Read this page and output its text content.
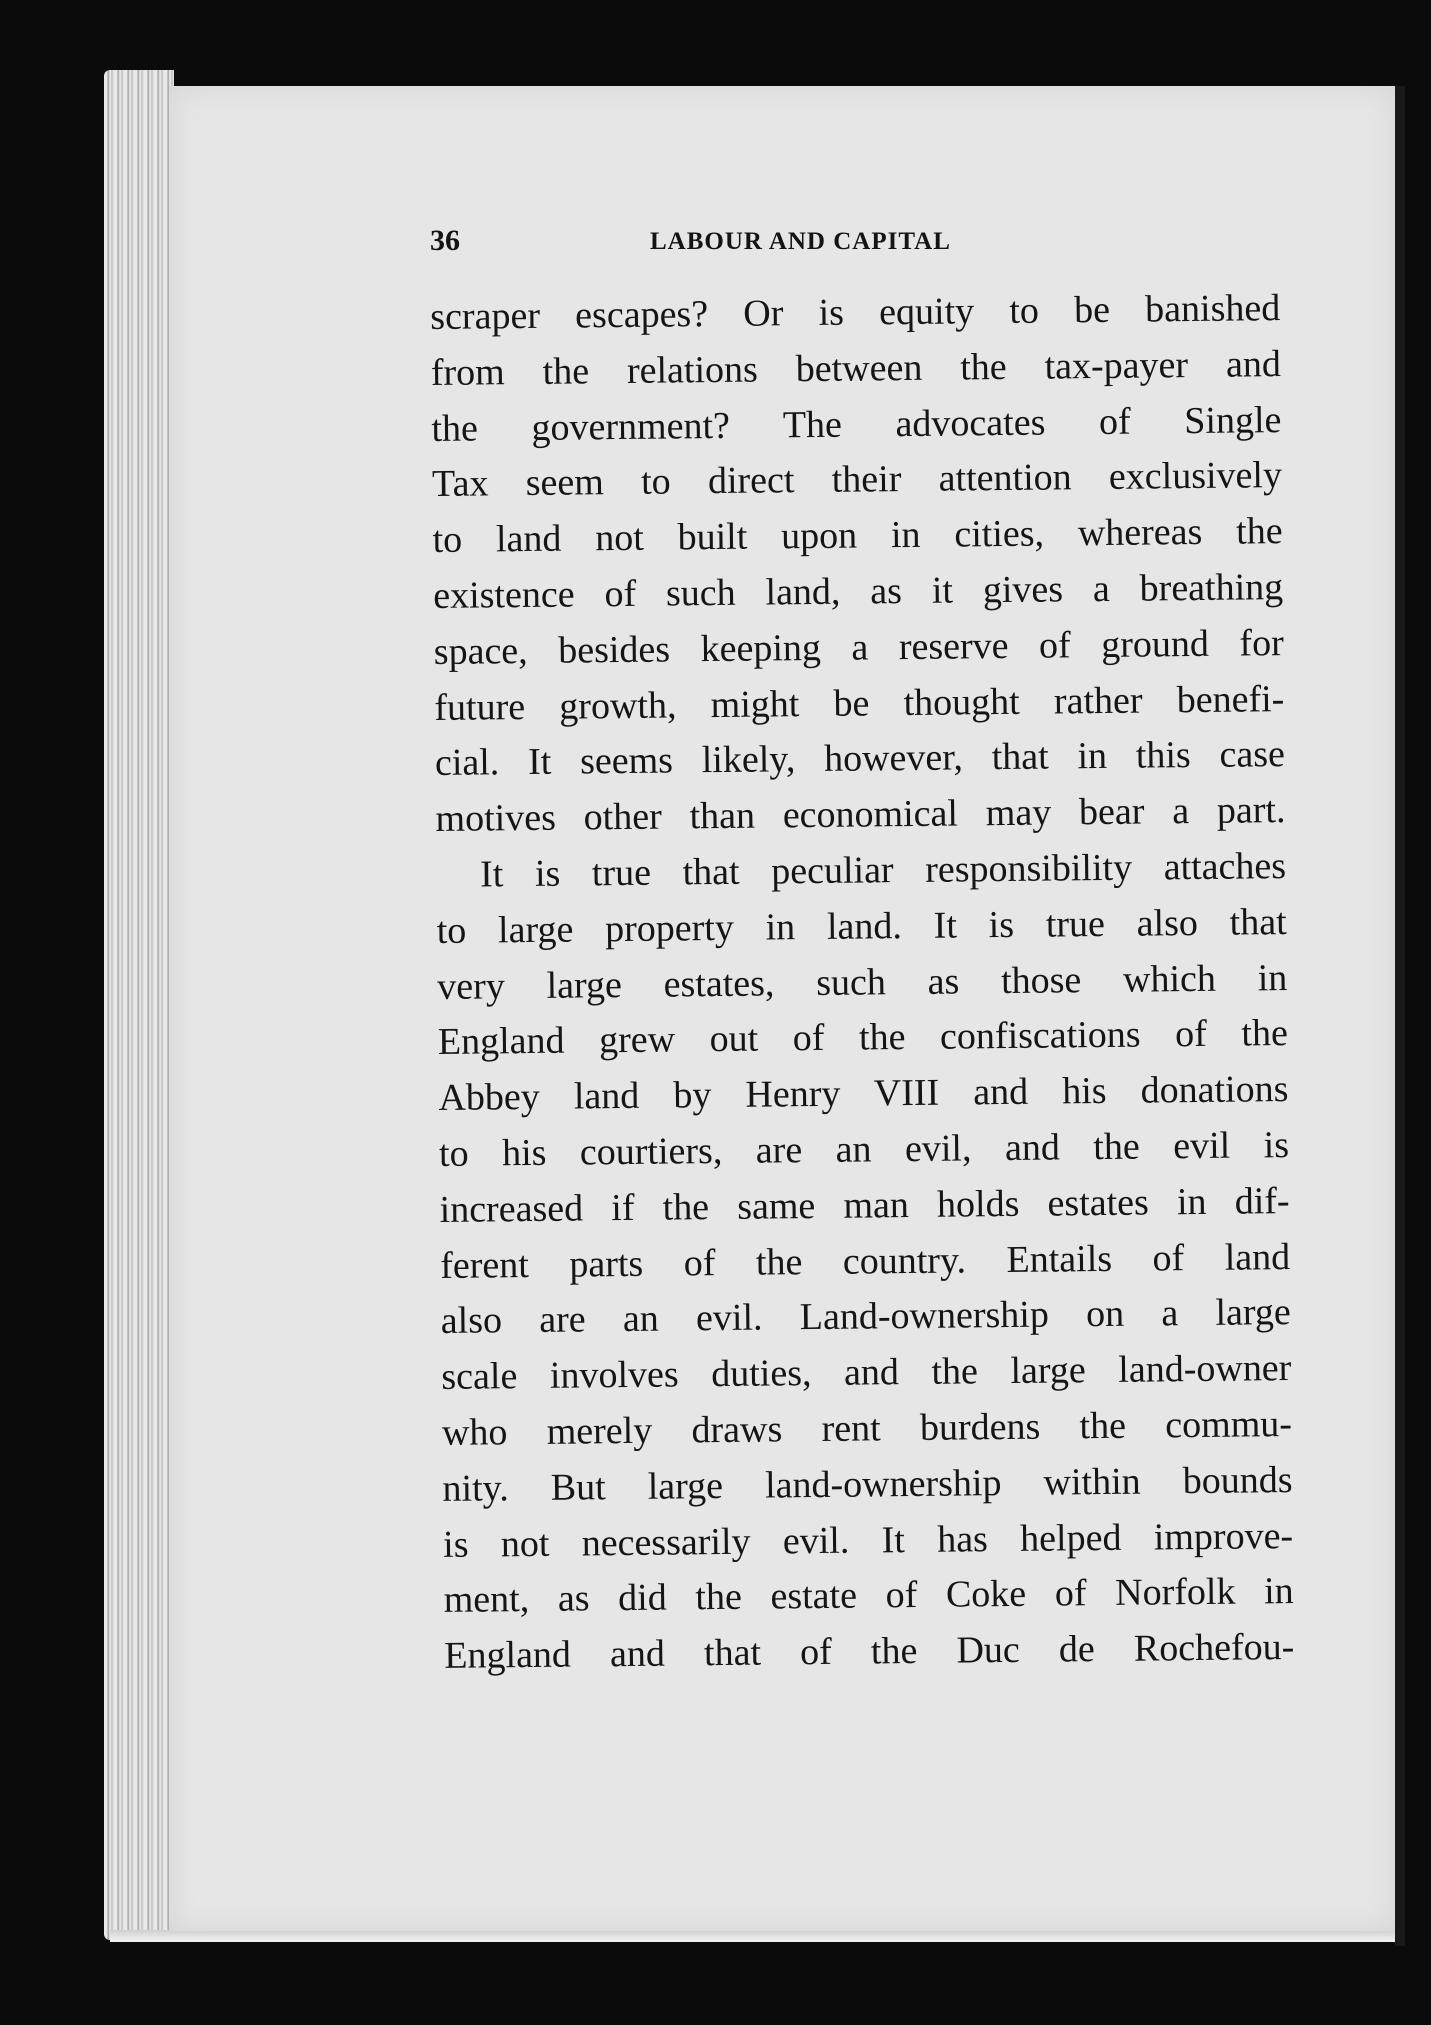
36	LABOUR AND CAPITAL
scraper escapes? Or is equity to be banished
from the relations between the tax-payer and
the government? The advocates of Single
Tax seem to direct their attention exclusively
to land not built upon in cities, whereas the
existence of such land, as it gives a breathing
space, besides keeping a reserve of ground for
future growth, might be thought rather benefi-
cial. It seems likely, however, that in this case
motives other than economical may bear a part.
It is true that peculiar responsibility attaches
to large property in land. It is true also that
very large estates, such as those which in
England grew out of the confiscations of the
Abbey land by Henry VIII and his donations
to his courtiers, are an evil, and the evil is
increased if the same man holds estates in dif-
ferent parts of the country. Entails of land
also are an evil. Land-ownership on a large
scale involves duties, and the large land-owner
who merely draws rent burdens the commu-
nity. But large land-ownership within bounds
is not necessarily evil. It has helped improve-
ment, as did the estate of Coke of Norfolk in
England and that of the Duc de Rochefou-
